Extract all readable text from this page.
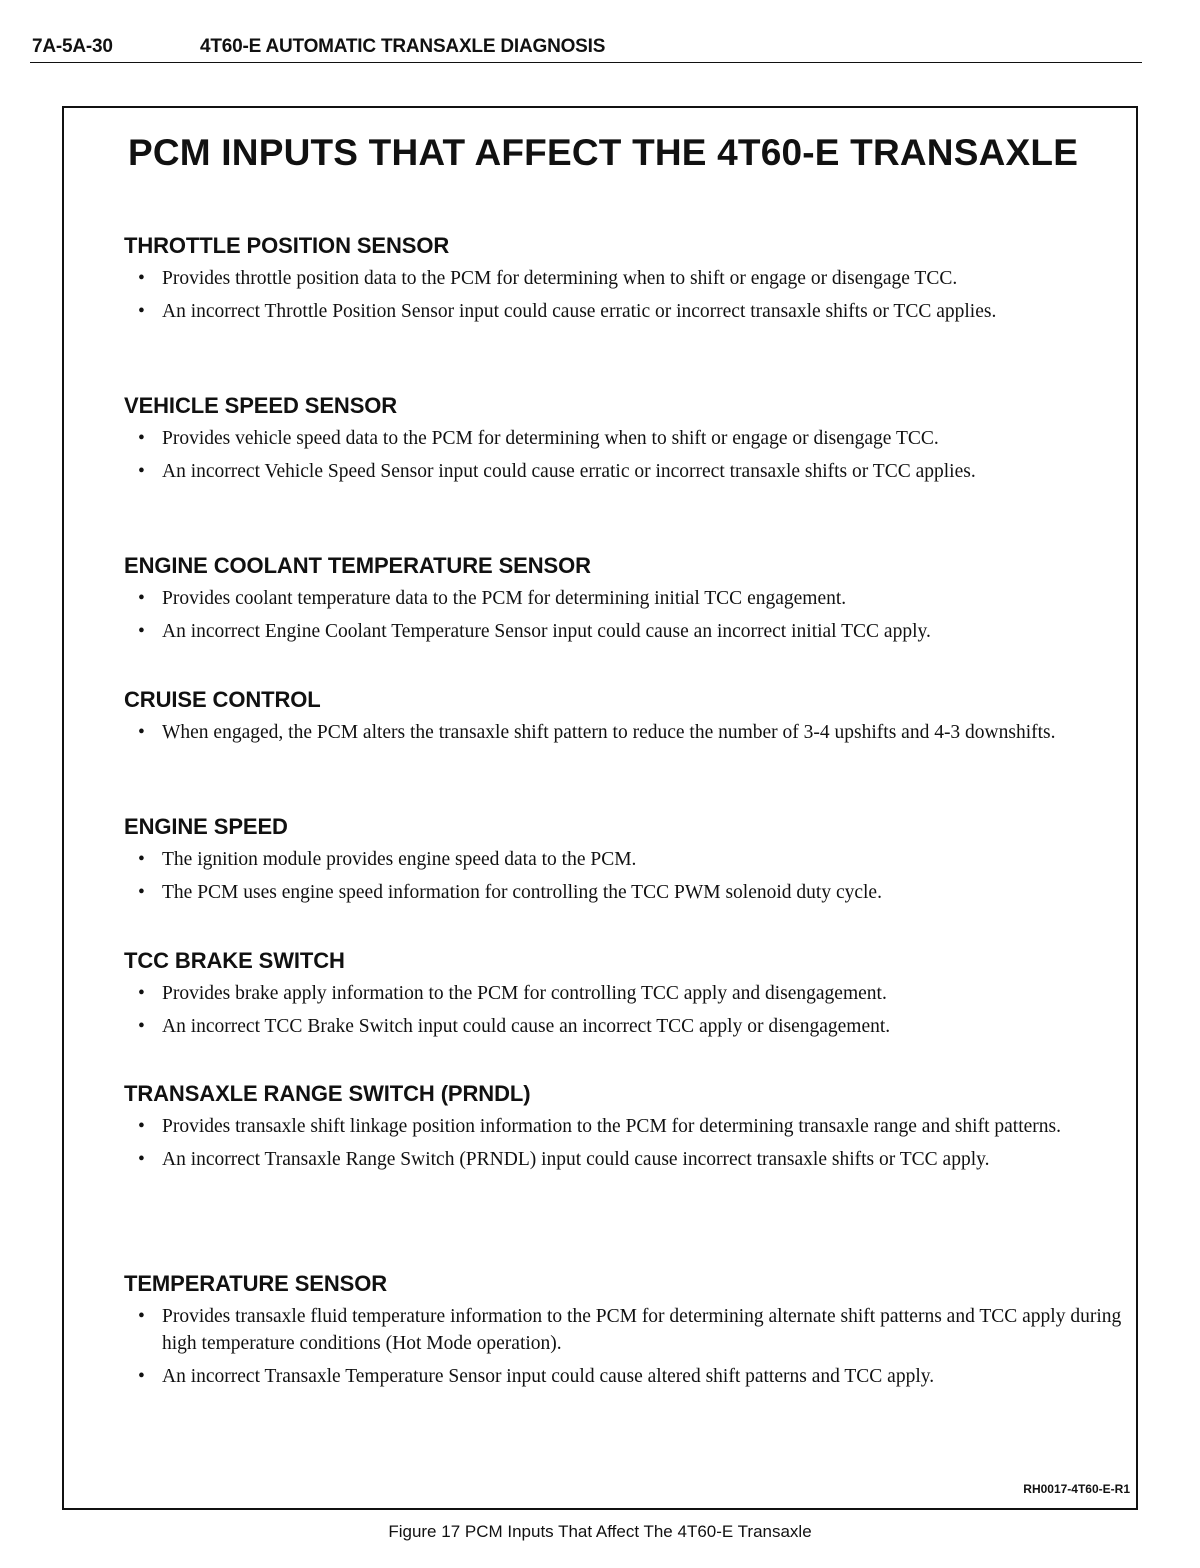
7A-5A-30	4T60-E AUTOMATIC TRANSAXLE DIAGNOSIS
PCM INPUTS THAT AFFECT THE 4T60-E TRANSAXLE
THROTTLE POSITION SENSOR
• Provides throttle position data to the PCM for determining when to shift or engage or disengage TCC.
• An incorrect Throttle Position Sensor input could cause erratic or incorrect transaxle shifts or TCC applies.
VEHICLE SPEED SENSOR
• Provides vehicle speed data to the PCM for determining when to shift or engage or disengage TCC.
• An incorrect Vehicle Speed Sensor input could cause erratic or incorrect transaxle shifts or TCC applies.
ENGINE COOLANT TEMPERATURE SENSOR
• Provides coolant temperature data to the PCM for determining initial TCC engagement.
• An incorrect Engine Coolant Temperature Sensor input could cause an incorrect initial TCC apply.
CRUISE CONTROL
• When engaged, the PCM alters the transaxle shift pattern to reduce the number of 3-4 upshifts and 4-3 downshifts.
ENGINE SPEED
• The ignition module provides engine speed data to the PCM.
• The PCM uses engine speed information for controlling the TCC PWM solenoid duty cycle.
TCC BRAKE SWITCH
• Provides brake apply information to the PCM for controlling TCC apply and disengagement.
• An incorrect TCC Brake Switch input could cause an incorrect TCC apply or disengagement.
TRANSAXLE RANGE SWITCH (PRNDL)
• Provides transaxle shift linkage position information to the PCM for determining transaxle range and shift patterns.
• An incorrect Transaxle Range Switch (PRNDL) input could cause incorrect transaxle shifts or TCC apply.
TEMPERATURE SENSOR
• Provides transaxle fluid temperature information to the PCM for determining alternate shift patterns and TCC apply during high temperature conditions (Hot Mode operation).
• An incorrect Transaxle Temperature Sensor input could cause altered shift patterns and TCC apply.
RH0017-4T60-E-R1
Figure 17 PCM Inputs That Affect The 4T60-E Transaxle
